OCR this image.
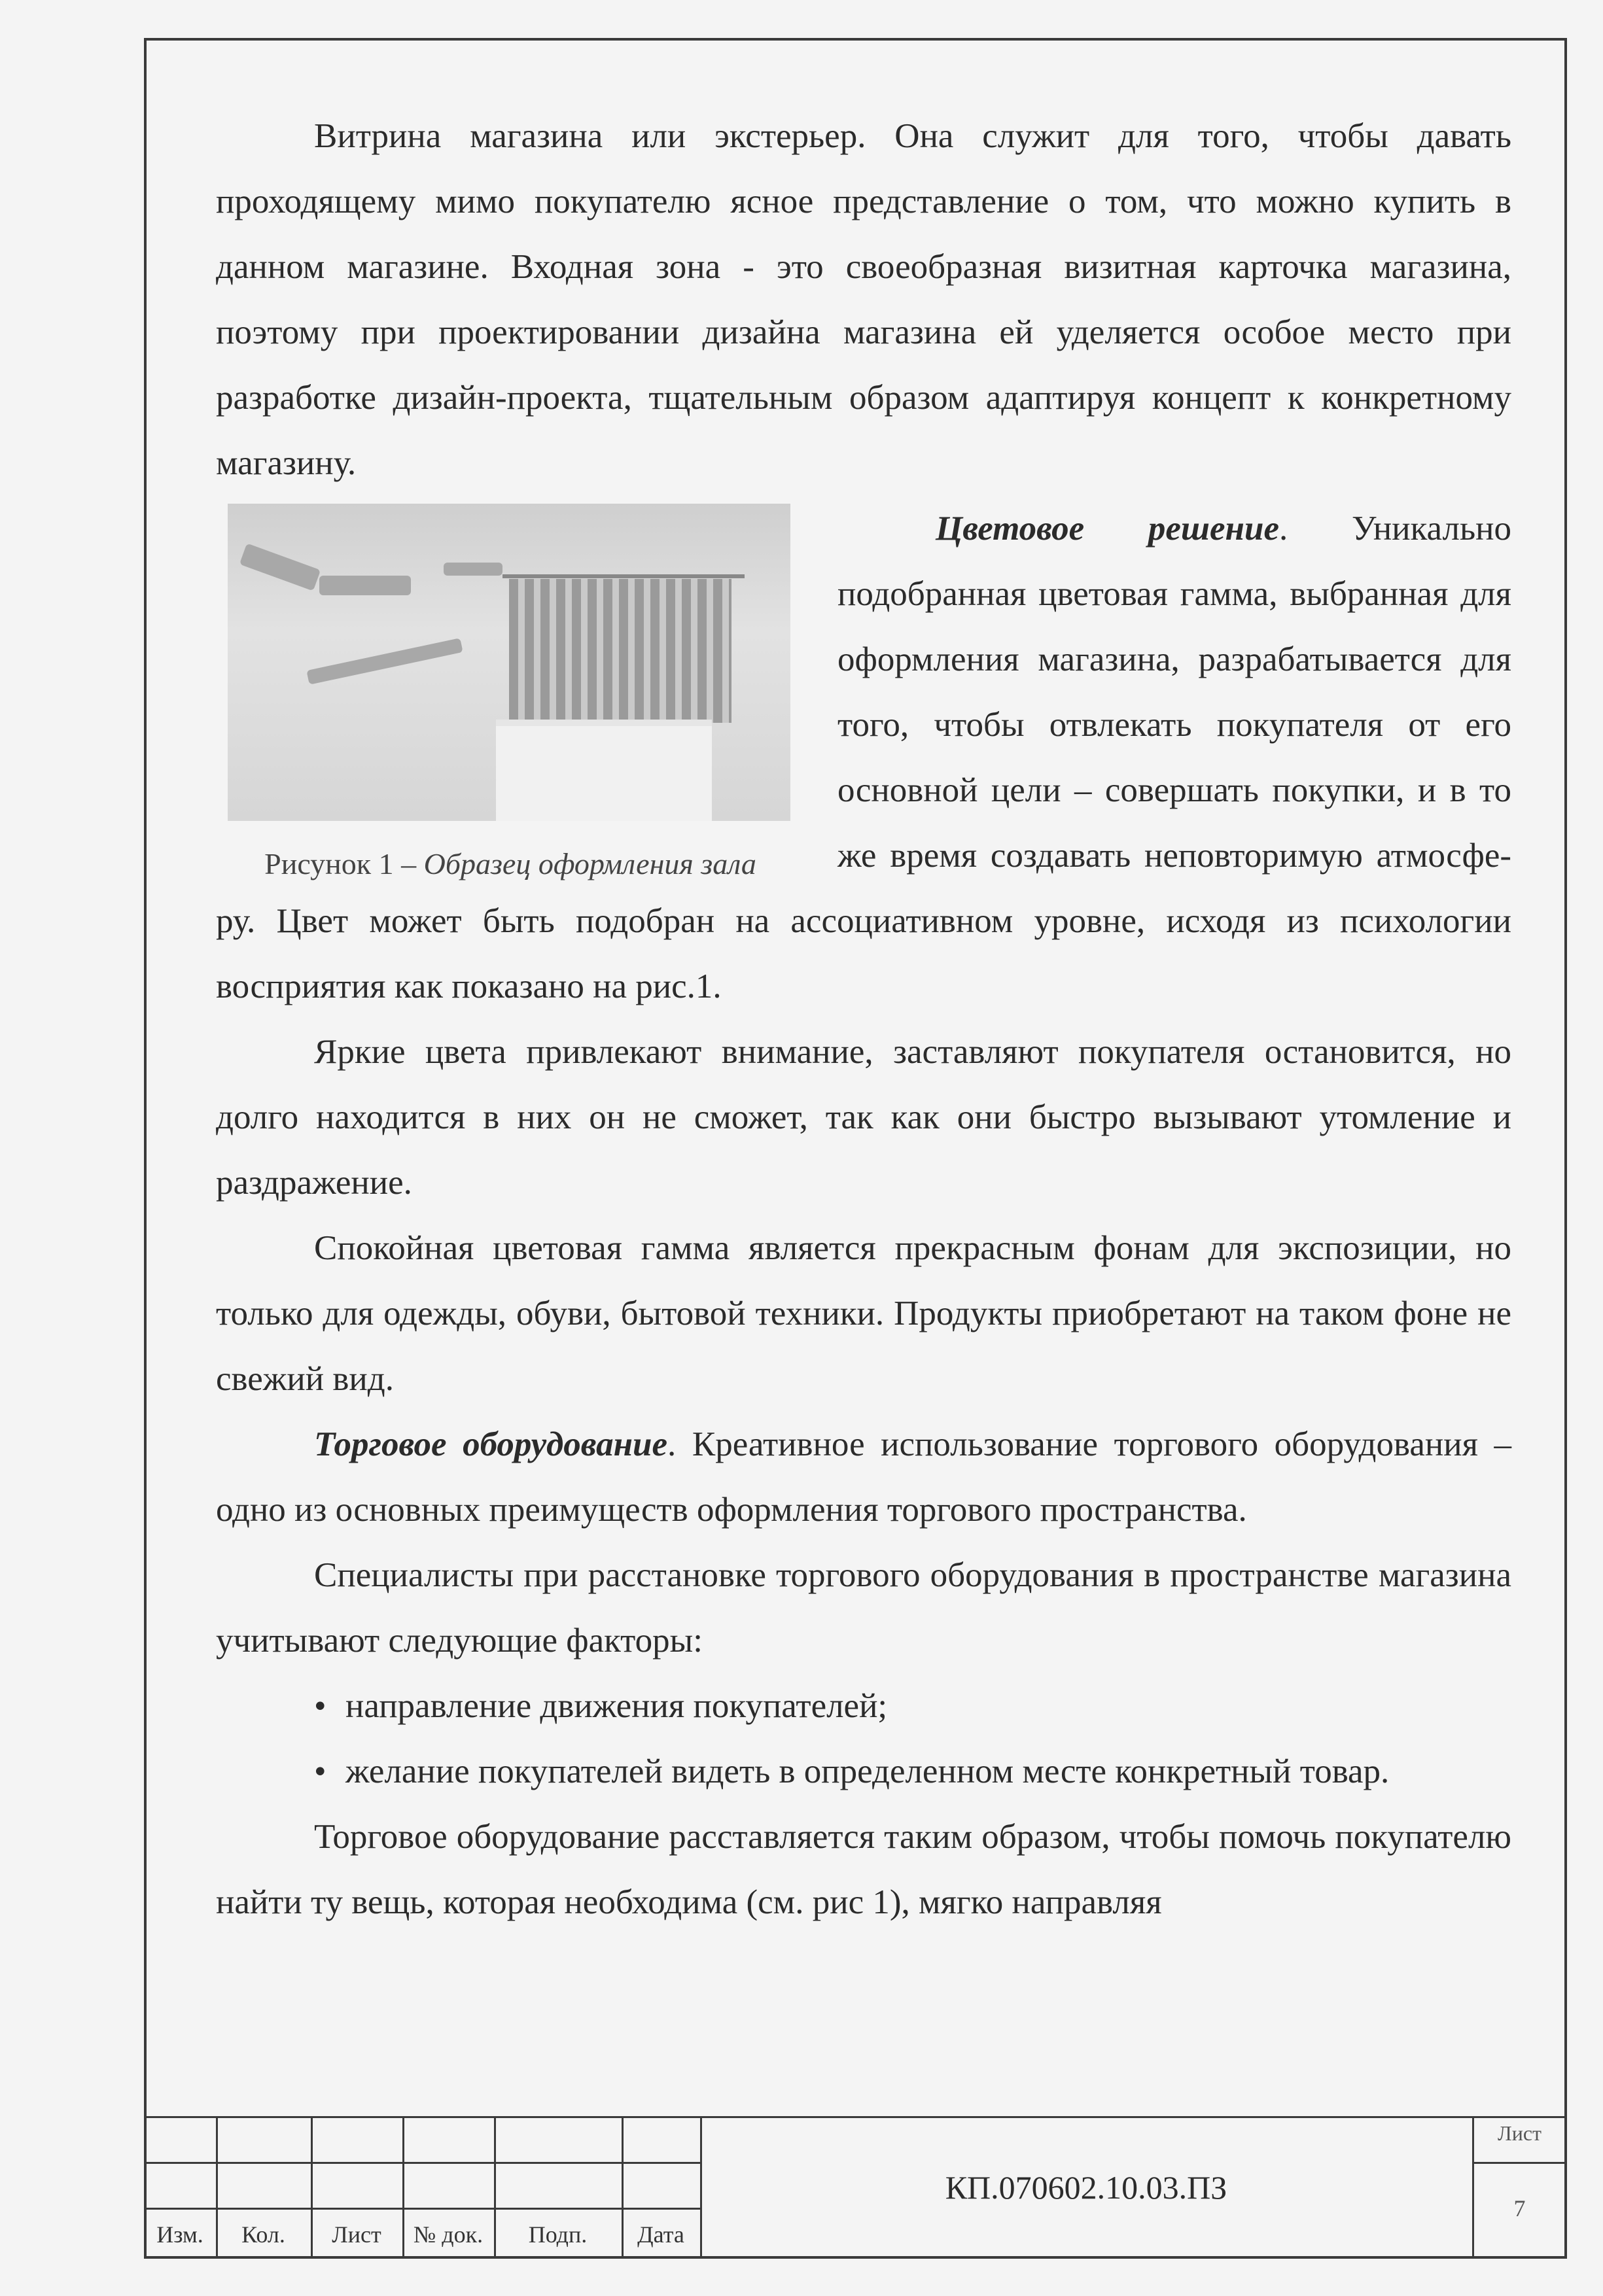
Витрина магазина или экстерьер. Она служит для того, чтобы давать проходящему мимо покупателю ясное представление о том, что можно купить в данном магазине. Входная зона - это своеобразная визитная карточка магазина, поэтому при проектировании дизайна магазина ей уделяется особое место при разработке дизайн-проекта, тщательным образом адаптируя концепт к конкретному магазину.

Рисунок 1 – Образец оформления зала

Цветовое решение. Уникально подобранная цветовая гамма, выбранная для оформления магазина, разрабатывается для того, чтобы отвлекать покупателя от его основной цели – совершать покупки, и в то же время создавать неповторимую атмосфе-ру. Цвет может быть подобран на ассоциативном уровне, исходя из психологии восприятия как показано на рис.1.

Яркие цвета привлекают внимание, заставляют покупателя остановится, но долго находится в них он не сможет, так как они быстро вызывают утомление и раздражение.

Спокойная цветовая гамма является прекрасным фонам для экспозиции, но только для одежды, обуви, бытовой техники. Продукты приобретают на таком фоне не свежий вид.

Торговое оборудование. Креативное использование торгового оборудования – одно из основных преимуществ оформления торгового пространства.

Специалисты при расстановке торгового оборудования в пространстве магазина учитывают следующие факторы:

• направление движения покупателей;
• желание покупателей видеть в определенном месте конкретный товар.

Торговое оборудование расставляется таким образом, чтобы помочь покупателю найти ту вещь, которая необходима (см. рис 1), мягко направляя

Изм.	Кол.	Лист	№ док.	Подп.	Дата
КП.070602.10.03.ПЗ
Лист
7
